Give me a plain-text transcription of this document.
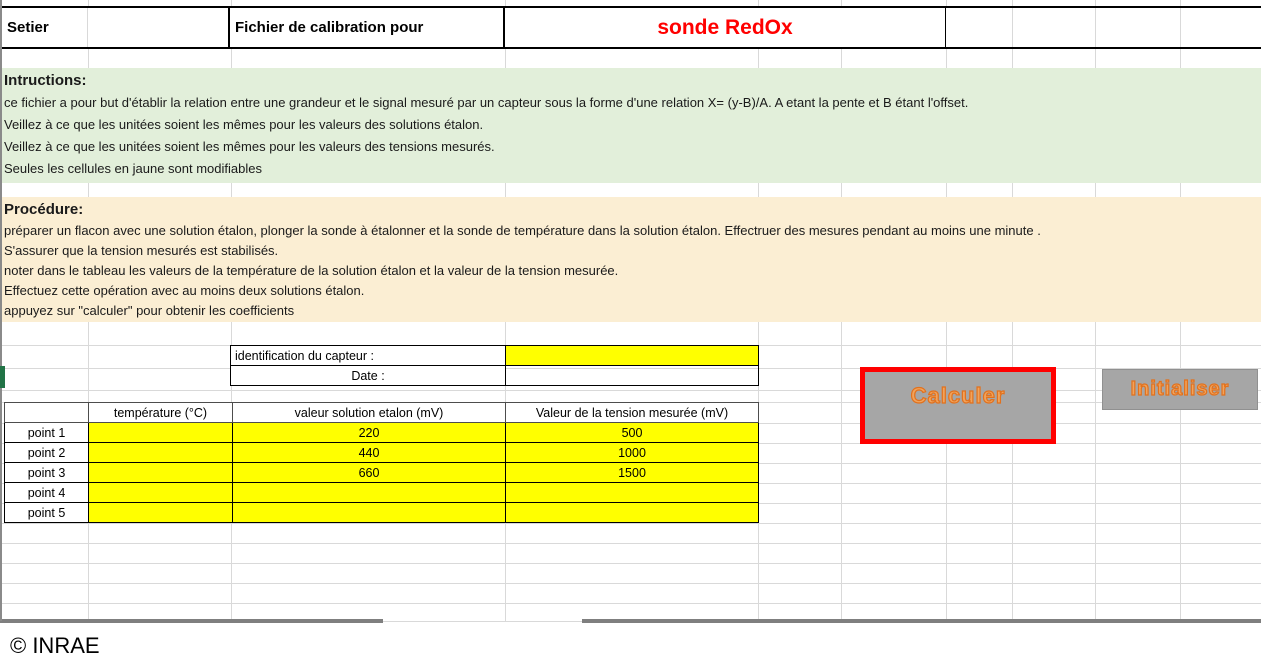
Setier	Fichier de calibration pour	sonde RedOx
Intructions:
ce fichier a pour but d'établir la relation entre une grandeur et le signal mesuré par un capteur sous la forme d'une relation X= (y-B)/A. A etant la pente et B étant l'offset.
Veillez à ce que les unitées soient les mêmes pour les valeurs des solutions étalon.
Veillez à ce que les unitées soient les mêmes pour les valeurs des tensions mesurés.
Seules les cellules en jaune sont modifiables
Procédure:
préparer un flacon avec une solution étalon, plonger la sonde à étalonner et la sonde de température dans la solution étalon. Effectruer des mesures pendant au moins une minute .
S'assurer que la tension mesurés est stabilisés.
noter dans le tableau les valeurs de la température de la solution étalon et la valeur de la tension mesurée.
Effectuez cette opération avec au moins deux solutions étalon.
appuyez sur "calculer" pour obtenir les coefficients
identification du capteur :	
Date :	
	température (°C)	valeur solution etalon (mV)	Valeur de la tension mesurée (mV)
point 1		220	500
point 2		440	1000
point 3		660	1500
point 4			
point 5			
Calculer	Initialiser
© INRAE
